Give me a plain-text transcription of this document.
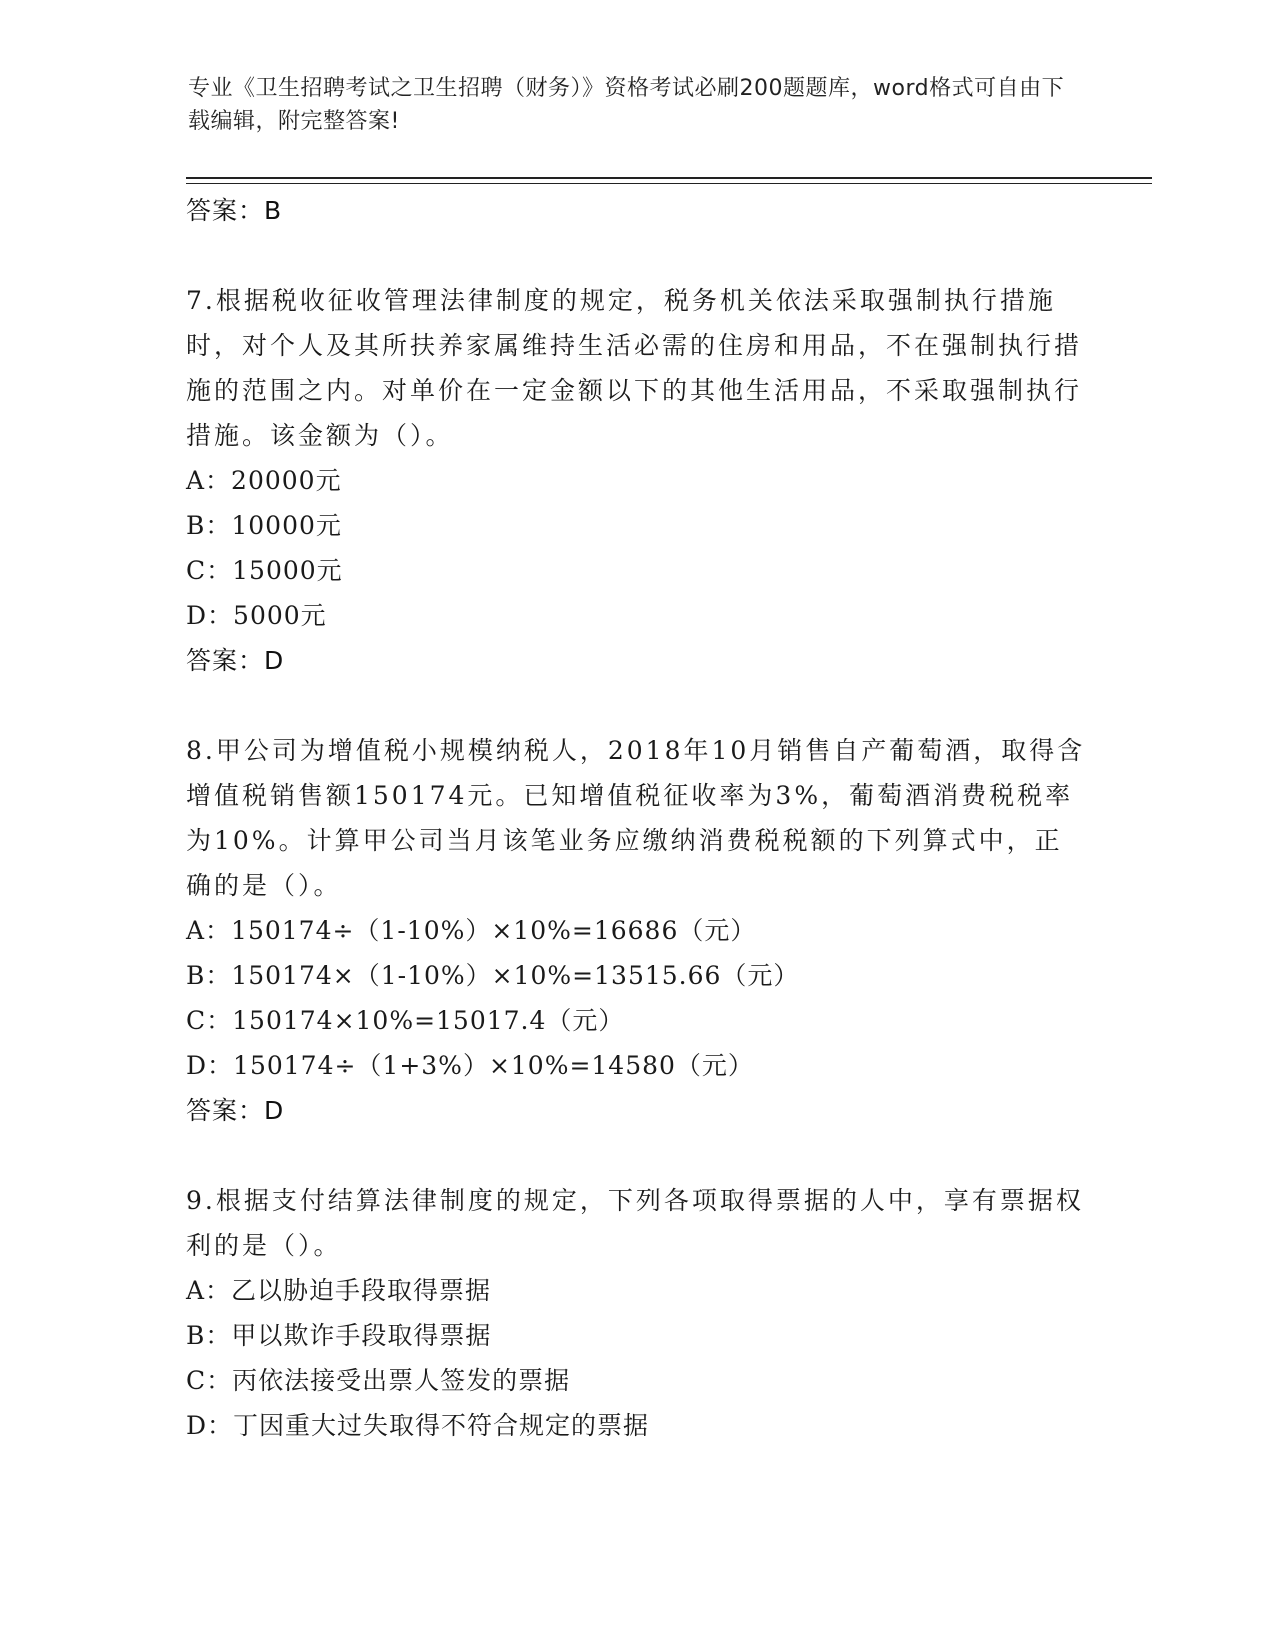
专业《卫生招聘考试之卫生招聘（财务）》资格考试必刷200题题库，word格式可自由下载编辑，附完整答案!
答案：B
7.根据税收征收管理法律制度的规定，税务机关依法采取强制执行措施时，对个人及其所扶养家属维持生活必需的住房和用品，不在强制执行措施的范围之内。对单价在一定金额以下的其他生活用品，不采取强制执行措施。该金额为（）。
A：20000元
B：10000元
C：15000元
D：5000元
答案：D
8.甲公司为增值税小规模纳税人，2018年10月销售自产葡萄酒，取得含增值税销售额150174元。已知增值税征收率为3%，葡萄酒消费税税率为10%。计算甲公司当月该笔业务应缴纳消费税税额的下列算式中，正确的是（）。
A：150174÷（1-10%）×10%=16686（元）
B：150174×（1-10%）×10%=13515.66（元）
C：150174×10%=15017.4（元）
D：150174÷（1+3%）×10%=14580（元）
答案：D
9.根据支付结算法律制度的规定，下列各项取得票据的人中，享有票据权利的是（）。
A：乙以胁迫手段取得票据
B：甲以欺诈手段取得票据
C：丙依法接受出票人签发的票据
D：丁因重大过失取得不符合规定的票据
